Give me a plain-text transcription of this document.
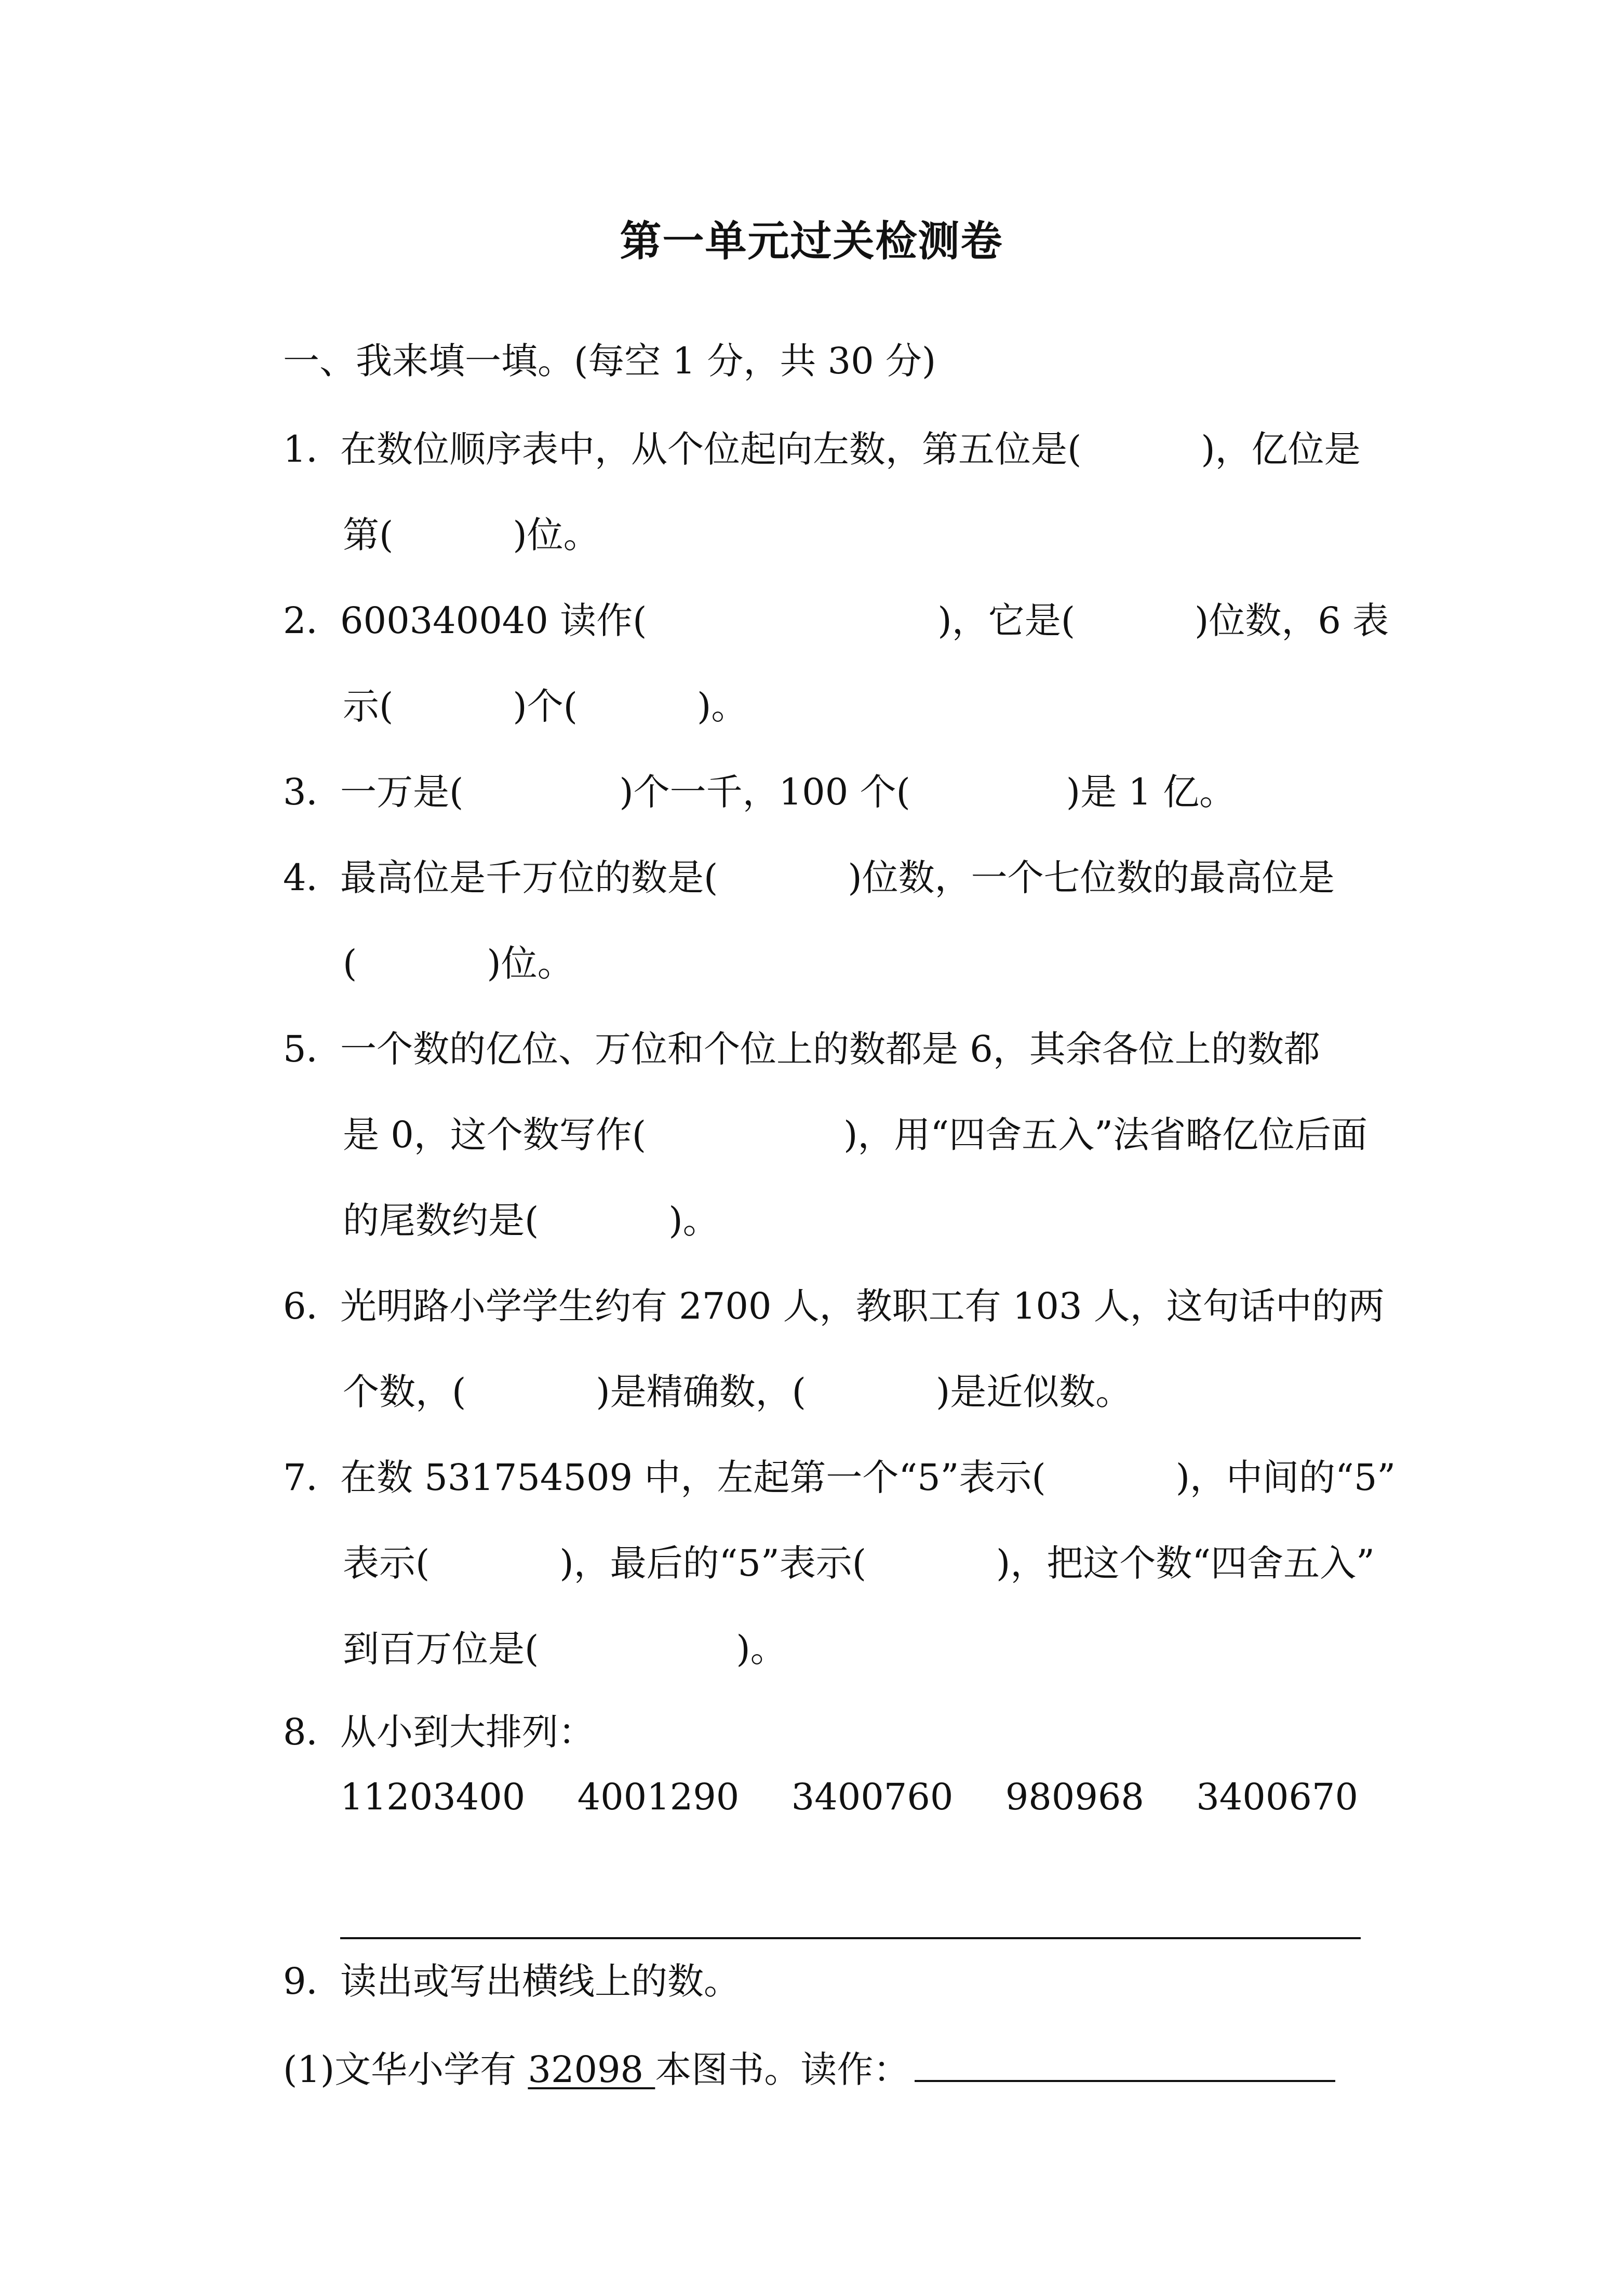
第一单元过关检测卷
一、我来填一填。(每空 1 分，共 30 分)
1．在数位顺序表中，从个位起向左数，第五位是(	)，亿位是
第(	)位。
2．600340040 读作(	)，它是(	)位数，6 表
示(	)个(	)。
3．一万是(	)个一千，100 个(	)是 1 亿。
4．最高位是千万位的数是(	)位数，一个七位数的最高位是
(	)位。
5．一个数的亿位、万位和个位上的数都是 6，其余各位上的数都
是 0，这个数写作(	)，用“四舍五入”法省略亿位后面
的尾数约是(	)。
6．光明路小学学生约有 2700 人，教职工有 103 人，这句话中的两
个数，(	)是精确数，(	)是近似数。
7．在数 531754509 中，左起第一个“5”表示(	)，中间的“5”
表示(	)，最后的“5”表示(	)，把这个数“四舍五入”
到百万位是(	)。
8．从小到大排列：
11203400 4001290 3400760 980968 3400670
9．读出或写出横线上的数。
(1)文华小学有 32098 本图书。读作：
